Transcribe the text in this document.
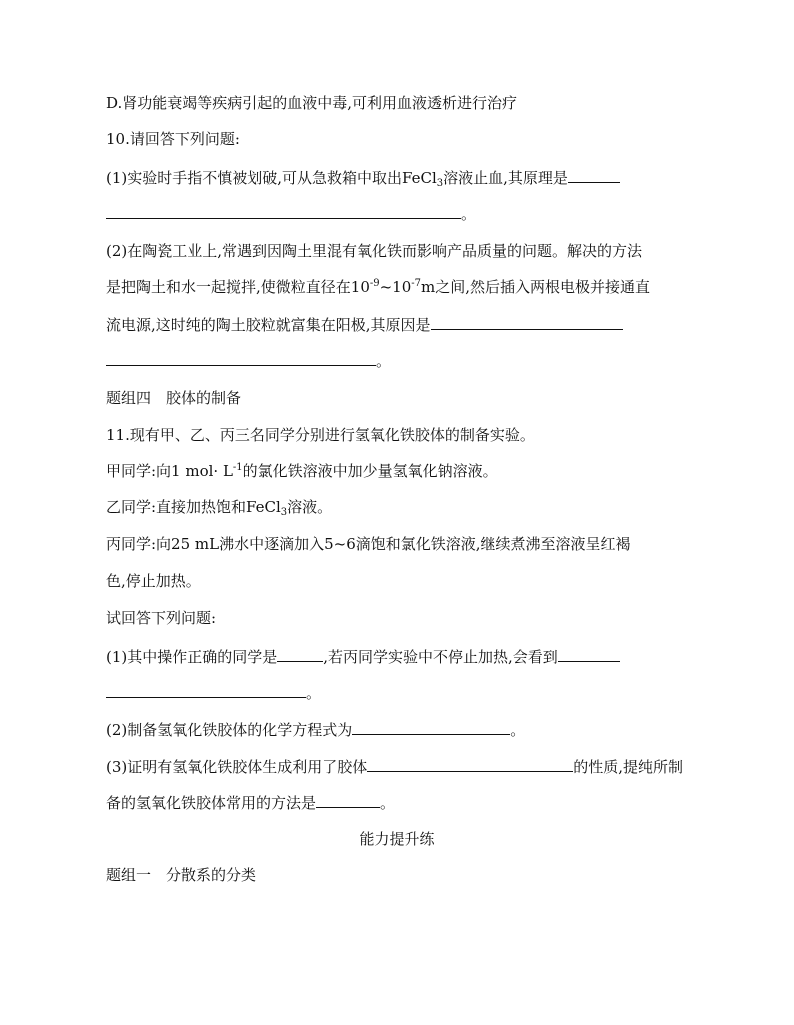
D.肾功能衰竭等疾病引起的血液中毒,可利用血液透析进行治疗
10.请回答下列问题:
(1)实验时手指不慎被划破,可从急救箱中取出FeCl$_3$溶液止血,其原理是
。
(2)在陶瓷工业上,常遇到因陶土里混有氧化铁而影响产品质量的问题。解决的方法
是把陶土和水一起搅拌,使微粒直径在$10^{-9}\sim 10^{-7}m$之间,然后插入两根电极并接通直
流电源,这时纯的陶土胶粒就富集在阳极,其原因是
。
题组四　胶体的制备
11.现有甲、乙、丙三名同学分别进行氢氧化铁胶体的制备实验。
甲同学:向1 $mol\cdot L^{-1}$的氯化铁溶液中加少量氢氧化钠溶液。
乙同学:直接加热饱和FeCl$_3$溶液。
丙同学:向25 mL沸水中逐滴加入5~6滴饱和氯化铁溶液,继续煮沸至溶液呈红褐
色,停止加热。
试回答下列问题:
(1)其中操作正确的同学是	,若丙同学实验中不停止加热,会看到
。
(2)制备氢氧化铁胶体的化学方程式为	。
(3)证明有氢氧化铁胶体生成利用了胶体	的性质,提纯所制
备的氢氧化铁胶体常用的方法是	。
能力提升练
题组一　分散系的分类
